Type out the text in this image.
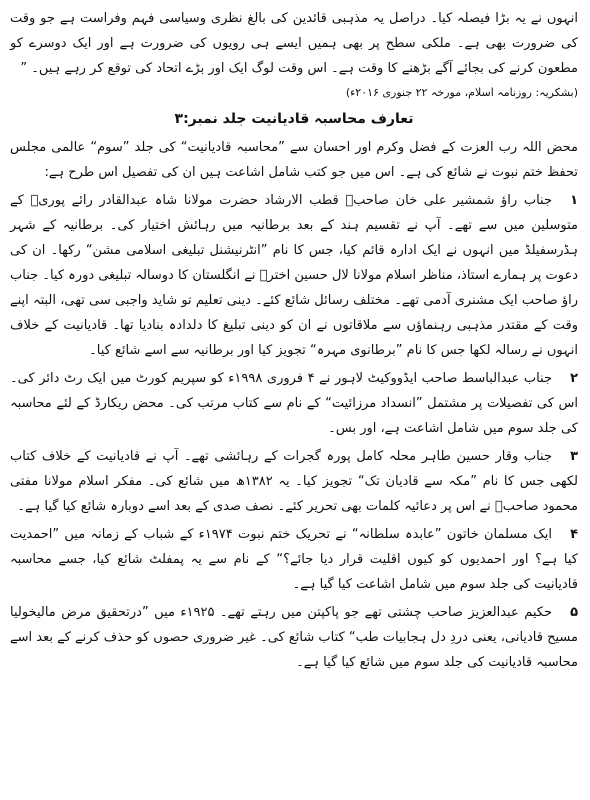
انہوں نے یہ بڑا فیصلہ کیا۔ دراصل یہ مذہبی قائدین کی بالغ نظری وسیاسی فہم وفراست ہے جو وقت کی ضرورت بھی ہے۔ ملکی سطح پر بھی ہمیں ایسے ہی رویوں کی ضرورت ہے اور ایک دوسرے کو مطعون کرنے کی بجائے آگے بڑھنے کا وقت ہے۔ اس وقت لوگ ایک اور بڑے اتحاد کی توقع کر رہے ہیں۔ ”

(بشکریہ: روزنامہ اسلام، مورخہ ۲۲ جنوری ۲۰۱۶ء)

تعارف محاسبہ قادیانیت جلد نمبر:۳

محض اللہ رب العزت کے فضل وکرم اور احسان سے ”محاسبہ قادیانیت“ کی جلد ”سوم“ عالمی مجلس تحفظ ختم نبوت نے شائع کی ہے۔ اس میں جو کتب شامل اشاعت ہیں ان کی تفصیل اس طرح ہے:

۱جناب راؤ شمشیر علی خان صاحبؒ قطب الارشاد حضرت مولانا شاہ عبدالقادر رائے پوریؒ کے متوسلین میں سے تھے۔ آپ نے تقسیم ہند کے بعد برطانیہ میں رہائش اختیار کی۔ برطانیہ کے شہر ہڈرسفیلڈ میں انہوں نے ایک ادارہ قائم کیا، جس کا نام ”انٹرنیشنل تبلیغی اسلامی مشن“ رکھا۔ ان کی دعوت پر ہمارے استاذ، مناظر اسلام مولانا لال حسین اخترؒ نے انگلستان کا دوسالہ تبلیغی دورہ کیا۔ جناب راؤ صاحب ایک مشنری آدمی تھے۔ مختلف رسائل شائع کئے۔ دینی تعلیم تو شاید واجبی سی تھی، البتہ اپنے وقت کے مقتدر مذہبی رہنماؤں سے ملاقاتوں نے ان کو دینی تبلیغ کا دلدادہ بنادیا تھا۔ قادیانیت کے خلاف انہوں نے رسالہ لکھا جس کا نام ”برطانوی مہرہ“ تجویز کیا اور برطانیہ سے اسے شائع کیا۔

۲جناب عبدالباسط صاحب ایڈووکیٹ لاہور نے ۴ فروری ۱۹۹۸ء کو سپریم کورٹ میں ایک رٹ دائر کی۔ اس کی تفصیلات پر مشتمل ”انسداد مرزائیت“ کے نام سے کتاب مرتب کی۔ محض ریکارڈ کے لئے محاسبہ کی جلد سوم میں شامل اشاعت ہے، اور بس۔

۳جناب وقار حسین طاہر محلہ کامل پورہ گجرات کے رہائشی تھے۔ آپ نے قادیانیت کے خلاف کتاب لکھی جس کا نام ”مکہ سے قادیان تک“ تجویز کیا۔ یہ ۱۳۸۲ھ میں شائع کی۔ مفکر اسلام مولانا مفتی محمود صاحبؒ نے اس پر دعائیہ کلمات بھی تحریر کئے۔ نصف صدی کے بعد اسے دوبارہ شائع کیا گیا ہے۔

۴ایک مسلمان خاتون ”عابدہ سلطانہ“ نے تحریک ختم نبوت ۱۹۷۴ء کے شباب کے زمانہ میں ”احمدیت کیا ہے؟ اور احمدیوں کو کیوں اقلیت قرار دیا جائے؟“ کے نام سے یہ پمفلٹ شائع کیا، جسے محاسبہ قادیانیت کی جلد سوم میں شامل اشاعت کیا گیا ہے۔

۵حکیم عبدالعزیز صاحب چشتی تھے جو پاکپتن میں رہتے تھے۔ ۱۹۲۵ء میں ”درتحقیق مرض مالیخولیا مسیح قادیانی، یعنی دردِ دل ہجابیات طب“ کتاب شائع کی۔ غیر ضروری حصوں کو حذف کرنے کے بعد اسے محاسبہ قادیانیت کی جلد سوم میں شائع کیا گیا ہے۔
